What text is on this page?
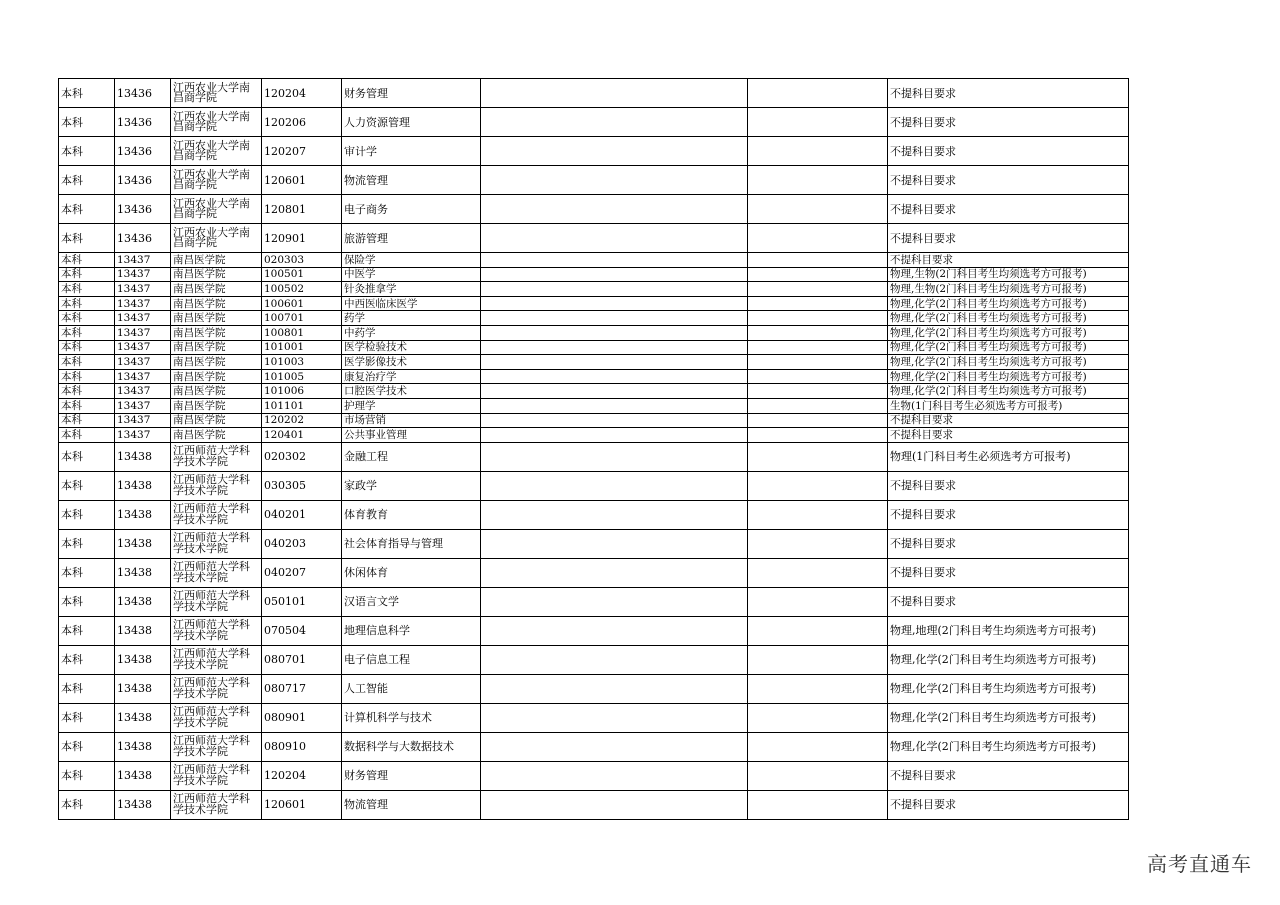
本科	13436	江西农业大学南昌商学院	120204	财务管理			不提科目要求
本科	13436	江西农业大学南昌商学院	120206	人力资源管理			不提科目要求
本科	13436	江西农业大学南昌商学院	120207	审计学			不提科目要求
本科	13436	江西农业大学南昌商学院	120601	物流管理			不提科目要求
本科	13436	江西农业大学南昌商学院	120801	电子商务			不提科目要求
本科	13436	江西农业大学南昌商学院	120901	旅游管理			不提科目要求
本科	13437	南昌医学院	020303	保险学			不提科目要求
本科	13437	南昌医学院	100501	中医学			物理,生物(2门科目考生均须选考方可报考)
本科	13437	南昌医学院	100502	针灸推拿学			物理,生物(2门科目考生均须选考方可报考)
本科	13437	南昌医学院	100601	中西医临床医学			物理,化学(2门科目考生均须选考方可报考)
本科	13437	南昌医学院	100701	药学			物理,化学(2门科目考生均须选考方可报考)
本科	13437	南昌医学院	100801	中药学			物理,化学(2门科目考生均须选考方可报考)
本科	13437	南昌医学院	101001	医学检验技术			物理,化学(2门科目考生均须选考方可报考)
本科	13437	南昌医学院	101003	医学影像技术			物理,化学(2门科目考生均须选考方可报考)
本科	13437	南昌医学院	101005	康复治疗学			物理,化学(2门科目考生均须选考方可报考)
本科	13437	南昌医学院	101006	口腔医学技术			物理,化学(2门科目考生均须选考方可报考)
本科	13437	南昌医学院	101101	护理学			生物(1门科目考生必须选考方可报考)
本科	13437	南昌医学院	120202	市场营销			不提科目要求
本科	13437	南昌医学院	120401	公共事业管理			不提科目要求
本科	13438	江西师范大学科学技术学院	020302	金融工程			物理(1门科目考生必须选考方可报考)
本科	13438	江西师范大学科学技术学院	030305	家政学			不提科目要求
本科	13438	江西师范大学科学技术学院	040201	体育教育			不提科目要求
本科	13438	江西师范大学科学技术学院	040203	社会体育指导与管理			不提科目要求
本科	13438	江西师范大学科学技术学院	040207	休闲体育			不提科目要求
本科	13438	江西师范大学科学技术学院	050101	汉语言文学			不提科目要求
本科	13438	江西师范大学科学技术学院	070504	地理信息科学			物理,地理(2门科目考生均须选考方可报考)
本科	13438	江西师范大学科学技术学院	080701	电子信息工程			物理,化学(2门科目考生均须选考方可报考)
本科	13438	江西师范大学科学技术学院	080717	人工智能			物理,化学(2门科目考生均须选考方可报考)
本科	13438	江西师范大学科学技术学院	080901	计算机科学与技术			物理,化学(2门科目考生均须选考方可报考)
本科	13438	江西师范大学科学技术学院	080910	数据科学与大数据技术			物理,化学(2门科目考生均须选考方可报考)
本科	13438	江西师范大学科学技术学院	120204	财务管理			不提科目要求
本科	13438	江西师范大学科学技术学院	120601	物流管理			不提科目要求
高考直通车
